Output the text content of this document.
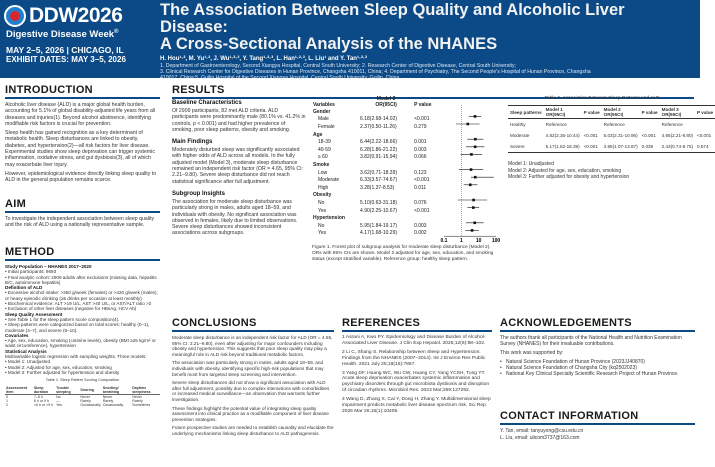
DDW2026
Digestive Disease Week®
MAY 2–5, 2026 | CHICAGO, IL
EXHIBIT DATES: MAY 3–5, 2026
The Association Between Sleep Quality and Alcoholic Liver Disease:
A Cross-Sectional Analysis of the NHANES
H. Hou¹·², M. Yu¹·², J. Wu¹·²·³, Y. Tang¹·²·³, L. Han¹·²·³, L. Liu¹ and Y. Tan¹·²·³
1. Department of Gastroenterology, Second Xiangya Hospital, Central South University; 2. Research Center of Digestive Disease, Central South University;
3. Clinical Research Center for Digestive Diseases in Hunan Province, Changsha 410011, China; 4. Department of Psychiatry, The Second People's Hospital of Hunan Province, Changsha
410017, China;5. Guilin Hospital of the Second Xiangya Hospital, Central South University, Guilin, China.
INTRODUCTION

Alcoholic liver disease (ALD) is a major global health burden, accounting for 5.1% of global disability-adjusted life years from all diseases and injuries(1). Beyond alcohol abstinence, identifying modifiable risk factors is crucial for prevention.

Sleep health has gained recognition as a key determinant of metabolic health. Sleep disturbances are linked to obesity, diabetes, and hypertension(2)—all risk factors for liver disease. Experimental studies show sleep deprivation can trigger systemic inflammation, oxidative stress, and gut dysbiosis(3), all of which may exacerbate liver injury.

However, epidemiological evidence directly linking sleep quality to ALD in the general population remains scarce.

AIM
To investigate the independent association between sleep quality and the risk of ALD using a nationally representative sample.
METHOD
Study Population – NHANES 2017–2020
• Initial participants: 9693
• Final analytic cohort: 2909 adults after exclusions (missing data, hepatitis B/C, autoimmune hepatitis)
Definition of ALD
• Excessive alcohol intake: >350 g/week (females) or >420 g/week (males), or heavy episodic drinking (≥5 drinks per occasion at least monthly)
• Biochemical evidence: ALT >19 U/L, AST >40 U/L, or AST/ALT ratio >2
• Exclusion of other liver diseases (negative for HBsAg, HCV Ab)
Sleep Quality Assessment
• See Table 1 for the sleep pattern score composition(4).
• Sleep patterns were categorized based on total scores: healthy (0–1), moderate (4–7), and severe (8–10).
Covariates
• Age, sex, education, smoking (cotinine levels), obesity (BMI ≥25 kg/m² or waist circumference), hypertension
Statistical Analysis
Multivariable logistic regression with sampling weights. Three models:
• Model 1: Unadjusted
• Model 2: Adjusted for age, sex, education, smoking
• Model 3: Further adjusted for hypertension and obesity
Table 1. Sleep Pattern Scoring Composition
Assessment item	Sleep duration	Trouble sleeping	Snoring	Snorting/ breathing	Daytime sleepiness
0	7–8 h	No	Never	Never	Never
1	6 h or 9 h	—	Rarely	Rarely	Rarely
2	<6 h or >9 h	Yes	Occasionally	Occasionally	Sometimes
RESULTS
Baseline Characteristics
Of 2909 participants, 82 met ALD criteria. ALD participants were predominantly male (80.1% vs. 41.2% in controls, p < 0.001) and had higher prevalence of smoking, poor sleep patterns, obesity and smoking.
Main Findings
Moderately disturbed sleep was significantly associated with higher odds of ALD across all models. In the fully adjusted model (Model 3), moderate sleep disturbance remained an independent risk factor (OR = 4.65, 95% CI: 2.21–9.80). Severe sleep disturbance did not reach statistical significance after full adjustment.
Subgroup Insights
The association for moderate sleep disturbance was particularly strong in males, adults aged 18–59, and individuals with obesity. No significant association was observed in females, likely due to limited observations. Severe sleep disturbances showed inconsistent associations across subgroups.
Variables	Model 2
OR(95CI)	P value
Gender		
Male	6.18(2.68-14.02)	<0.001
Female	2.37(0.50-11.26)	0.279
Age		
18-39	6.44(2.22-18.66)	0.001
40-59	6.28(1.86-21.22)	0.003
≥ 60	3.82(0.91-15.94)	0.066
Smoke		
Low	3.62(0.71-18.39)	0.123
Moderate	6.33(3.57-74.67)	<0.001
High	3.28(1.37-8.53)	0.011
Obesity		
No	5.10(0.63-31.18)	0.076
Yes	4.90(2.25-10.67)	<0.001
Hypertension		
No	5.95(1.84-19.17)	0.003
Yes	4.17(1.68-10.29)	0.002
0.1 1	10 100
Figure 1. Forest plot of subgroup analysis for moderate sleep disturbance (Model 2).
ORs with 95% CIs are shown. Model 2 adjusted for age, sex, education, and smoking status (except stratified variable). Reference group: healthy sleep pattern.
Table 2. Association Between Sleep Patterns and ALD
Sleep patterns	Model 1
OR(95CI)	P value	Model 2
OR(95CI)	P value	Model 3
OR(95CI)	P value
Healthy	Reference		Reference		Reference	
Moderate	4.82(2.35-10.44)	<0.001	5.03(2.31-10.96)	<0.001	4.65(2.21-9.80)	<0.001
Severe	5.17(1.52-18.39)	<0.001	3.86(1.07-13.87)	0.039	2.43(0.74-8.75)	0.574
Model 1: Unadjusted
Model 2: Adjusted for age, sex, education, smoking
Model 3: Further adjusted for obesity and hypertension
CONCLUSIONS

Moderate sleep disturbance is an independent risk factor for ALD (OR = 4.65, 95% CI: 2.21–9.80), even after adjusting for major confounders including obesity and hypertension. This suggests that poor sleep quality may play a meaningful role in ALD risk beyond traditional metabolic factors.

The association was particularly strong in males, adults aged 18–59, and individuals with obesity, identifying specific high-risk populations that may benefit most from targeted sleep screening and intervention.

Severe sleep disturbances did not show a significant association with ALD after full adjustment, possibly due to complex interactions with comorbidities or increased medical surveillance—an observation that warrants further investigation.

These findings highlight the potential value of integrating sleep quality assessment into clinical practice as a modifiable component of liver disease prevention strategies.

Future prospective studies are needed to establish causality and elucidate the underlying mechanisms linking sleep disturbance to ALD pathogenesis.

REFERENCES

1 Asrani A, Kwo PY. Epidemiology and Disease Burden of Alcohol-Associated Liver Disease. J Clin Exp Hepatol. 2025;12(6):88–102.

2 Li C, Shang S. Relationship between Sleep and Hypertension: Findings from the NHANES (2007–2014). Int J Environ Res Public Health. 2021 July 25;18(15):7867.

3 Yang DF, Huang WC, Wu CW, Huang CY, Yang YCSH, Tung YT. Acute sleep deprivation exacerbates systemic inflammation and psychiatry disorders through gut microbiota dysbiosis and disruption of circadian rhythms. Microbiol Res. 2023 Mar;269:127292.

4 Wang D, Zhang X, Cai Y, Dong H, Zhang Y. Multidimensional sleep impairment predicts metabolic liver disease spectrum risk. Sci Rep. 2025 Mar 26;15(1):10405.

ACKNOWLEDGEMENTS

The authors thank all participants of the National Health and Nutrition Examination Survey (NHANES) for their invaluable contributions.

This work was supported by:

• Natural Science Foundation of Hunan Province (2023JJ40870)
• Natural Science Foundation of Changsha City (kq2502023)
• National Key Clinical Specialty Scientific Research Project of Hunan Province.
CONTACT INFORMATION
Y. Tan, email: tanyuyong@csu.edu.cn
L. Liu, email: ulicom3737@163.com
